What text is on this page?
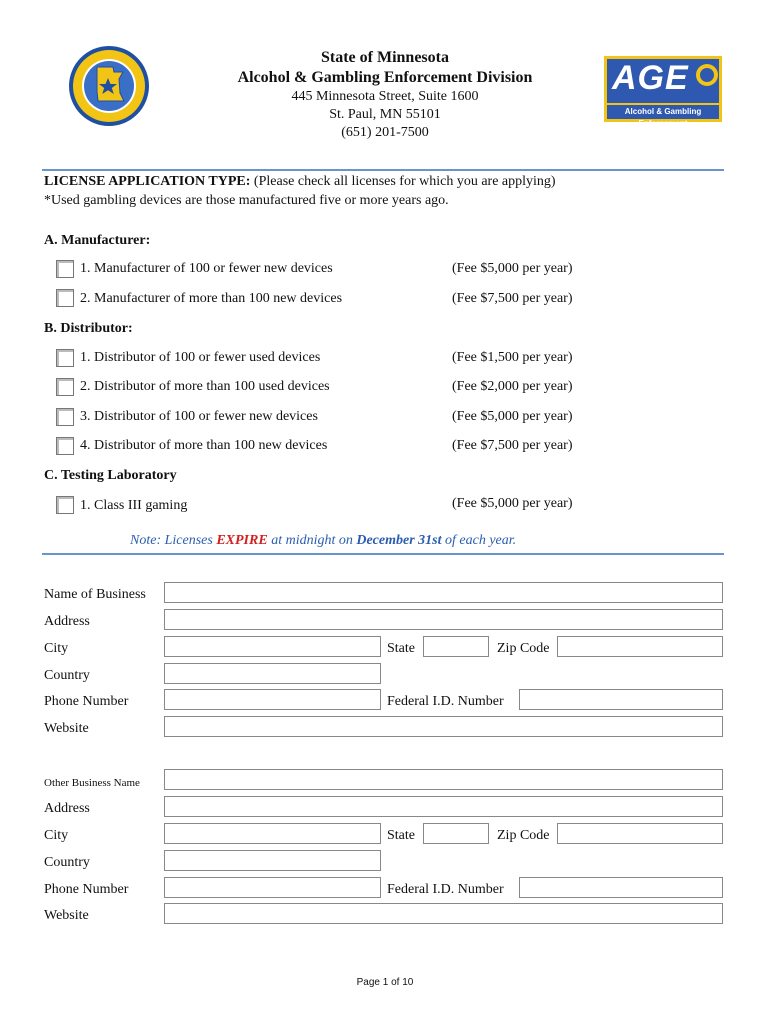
AGE
Alcohol & Gambling Enforcement
State of Minnesota
Alcohol & Gambling Enforcement Division
445 Minnesota Street, Suite 1600
St. Paul, MN 55101
(651) 201-7500
LICENSE APPLICATION TYPE: (Please check all licenses for which you are applying)
*Used gambling devices are those manufactured five or more years ago.
A. Manufacturer:
1. Manufacturer of 100 or fewer new devices	(Fee $5,000 per year)
2. Manufacturer of more than 100 new devices	(Fee $7,500 per year)
B. Distributor:
1. Distributor of 100 or fewer used devices	(Fee $1,500 per year)
2. Distributor of more than 100 used devices	(Fee $2,000 per year)
3. Distributor of 100 or fewer new devices	(Fee $5,000 per year)
4. Distributor of more than 100 new devices	(Fee $7,500 per year)
C. Testing Laboratory
1. Class III gaming	(Fee $5,000 per year)
Note: Licenses EXPIRE at midnight on December 31st of each year.
Name of Business
Address
City	State	Zip Code
Country
Phone Number	Federal I.D. Number
Website
Other Business Name
Address
City	State	Zip Code
Country
Phone Number	Federal I.D. Number
Website
Page 1 of 10
